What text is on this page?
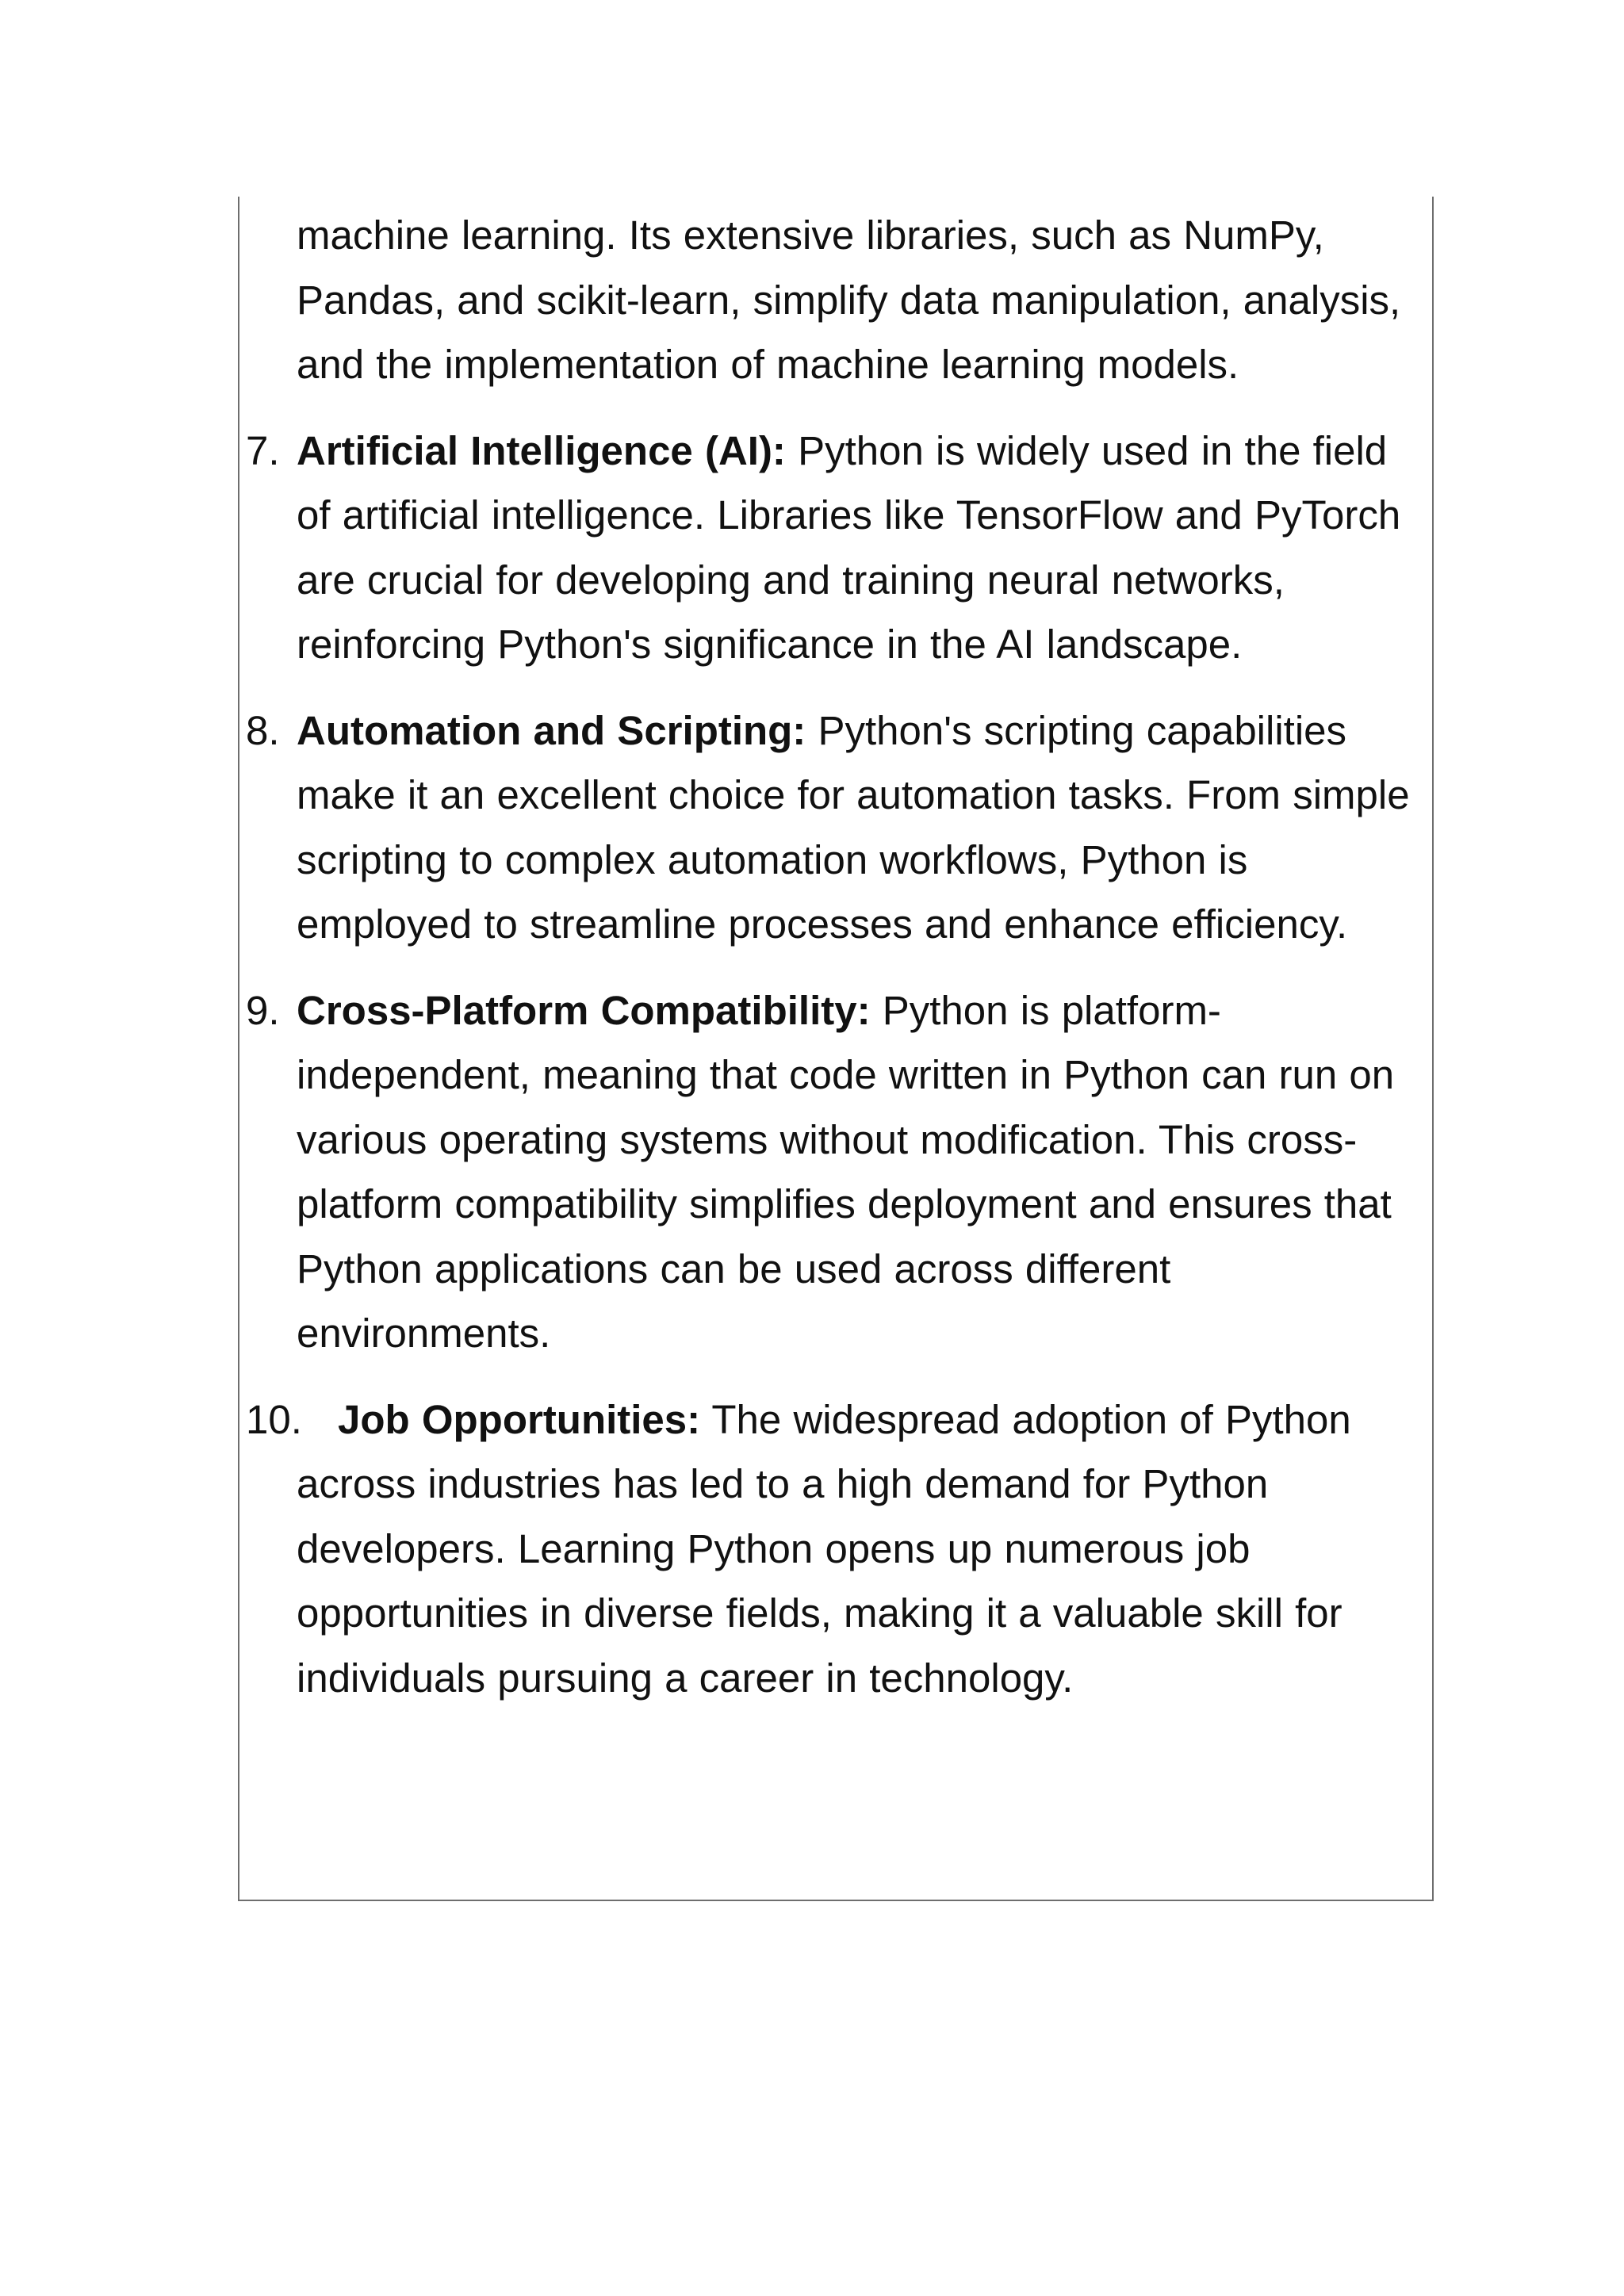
machine learning. Its extensive libraries, such as NumPy, Pandas, and scikit-learn, simplify data manipulation, analysis, and the implementation of machine learning models.
7. Artificial Intelligence (AI): Python is widely used in the field of artificial intelligence. Libraries like TensorFlow and PyTorch are crucial for developing and training neural networks, reinforcing Python's significance in the AI landscape.
8. Automation and Scripting: Python's scripting capabilities make it an excellent choice for automation tasks. From simple scripting to complex automation workflows, Python is employed to streamline processes and enhance efficiency.
9. Cross-Platform Compatibility: Python is platform-independent, meaning that code written in Python can run on various operating systems without modification. This cross-platform compatibility simplifies deployment and ensures that Python applications can be used across different environments.
10. Job Opportunities: The widespread adoption of Python across industries has led to a high demand for Python developers. Learning Python opens up numerous job opportunities in diverse fields, making it a valuable skill for individuals pursuing a career in technology.
